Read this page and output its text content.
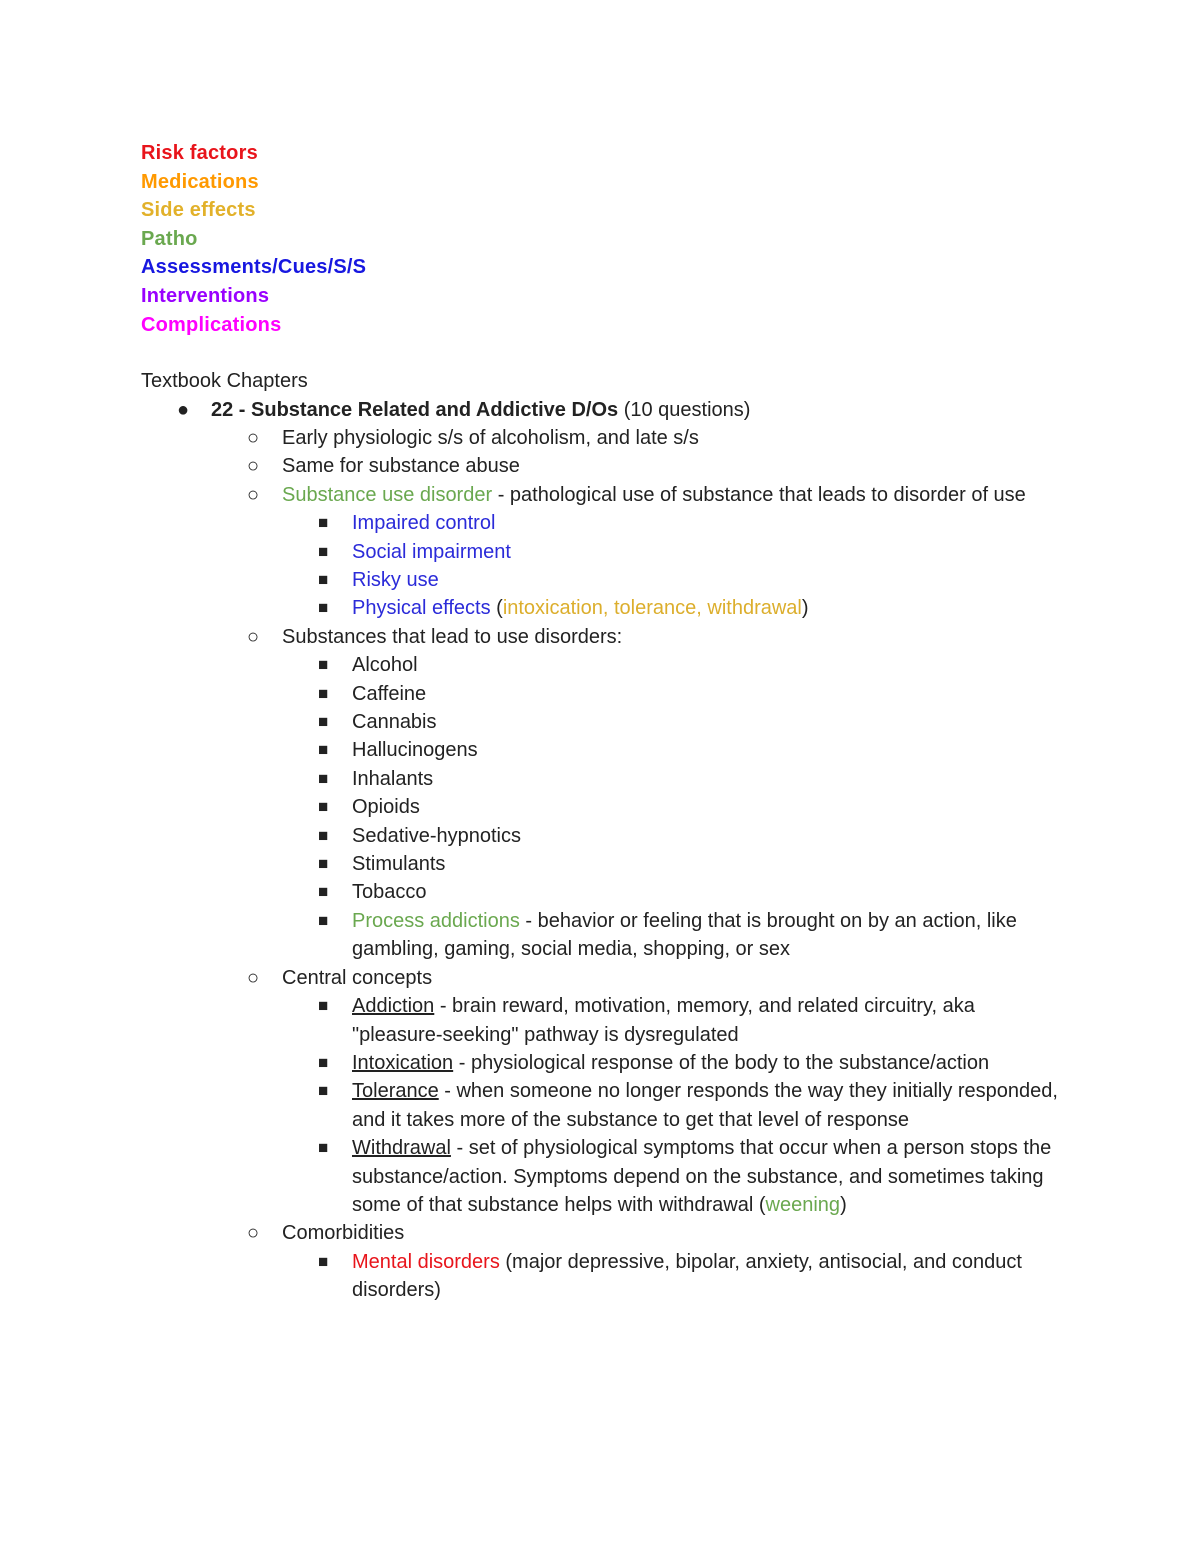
Risk factors
Medications
Side effects
Patho
Assessments/Cues/S/S
Interventions
Complications
Textbook Chapters
● 22 - Substance Related and Addictive D/Os (10 questions)
○ Early physiologic s/s of alcoholism, and late s/s
○ Same for substance abuse
○ Substance use disorder - pathological use of substance that leads to disorder of use
■ Impaired control
■ Social impairment
■ Risky use
■ Physical effects (intoxication, tolerance, withdrawal)
○ Substances that lead to use disorders:
■ Alcohol
■ Caffeine
■ Cannabis
■ Hallucinogens
■ Inhalants
■ Opioids
■ Sedative-hypnotics
■ Stimulants
■ Tobacco
■ Process addictions - behavior or feeling that is brought on by an action, like gambling, gaming, social media, shopping, or sex
○ Central concepts
■ Addiction - brain reward, motivation, memory, and related circuitry, aka "pleasure-seeking" pathway is dysregulated
■ Intoxication - physiological response of the body to the substance/action
■ Tolerance - when someone no longer responds the way they initially responded, and it takes more of the substance to get that level of response
■ Withdrawal - set of physiological symptoms that occur when a person stops the substance/action. Symptoms depend on the substance, and sometimes taking some of that substance helps with withdrawal (weening)
○ Comorbidities
■ Mental disorders (major depressive, bipolar, anxiety, antisocial, and conduct disorders)
